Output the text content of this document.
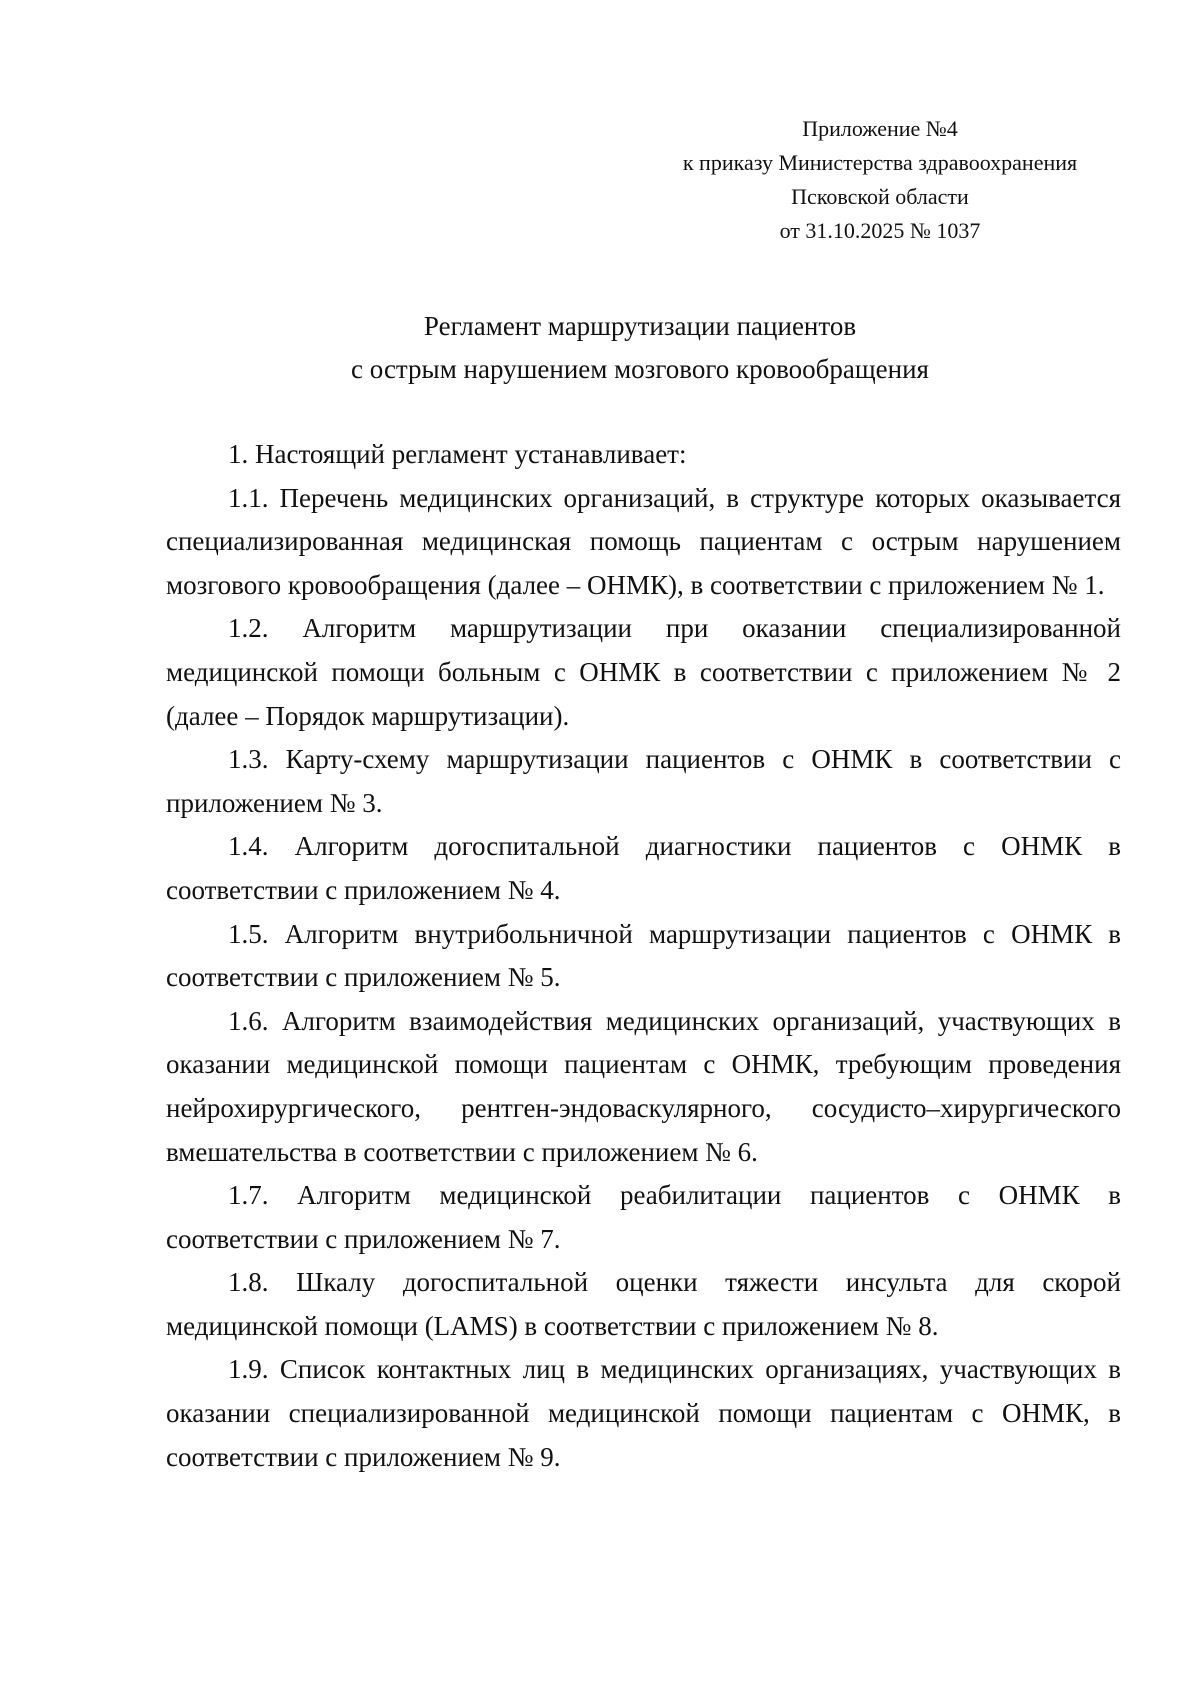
Приложение №4
к приказу Министерства здравоохранения
Псковской области
от 31.10.2025 № 1037
Регламент маршрутизации пациентов
с острым нарушением мозгового кровообращения

1. Настоящий регламент устанавливает:

1.1. Перечень медицинских организаций, в структуре которых оказывается специализированная медицинская помощь пациентам с острым нарушением мозгового кровообращения (далее – ОНМК), в соответствии с приложением № 1.

1.2. Алгоритм маршрутизации при оказании специализированной медицинской помощи больным с ОНМК в соответствии с приложением № 2 (далее – Порядок маршрутизации).

1.3. Карту-схему маршрутизации пациентов с ОНМК в соответствии с приложением № 3.

1.4. Алгоритм догоспитальной диагностики пациентов с ОНМК в соответствии с приложением № 4.

1.5. Алгоритм внутрибольничной маршрутизации пациентов с ОНМК в соответствии с приложением № 5.

1.6. Алгоритм взаимодействия медицинских организаций, участвующих в оказании медицинской помощи пациентам с ОНМК, требующим проведения нейрохирургического, рентген-эндоваскулярного, сосудисто–хирургического вмешательства в соответствии с приложением № 6.

1.7. Алгоритм медицинской реабилитации пациентов с ОНМК в соответствии с приложением № 7.

1.8. Шкалу догоспитальной оценки тяжести инсульта для скорой медицинской помощи (LAMS) в соответствии с приложением № 8.

1.9. Список контактных лиц в медицинских организациях, участвующих в оказании специализированной медицинской помощи пациентам с ОНМК, в соответствии с приложением № 9.
